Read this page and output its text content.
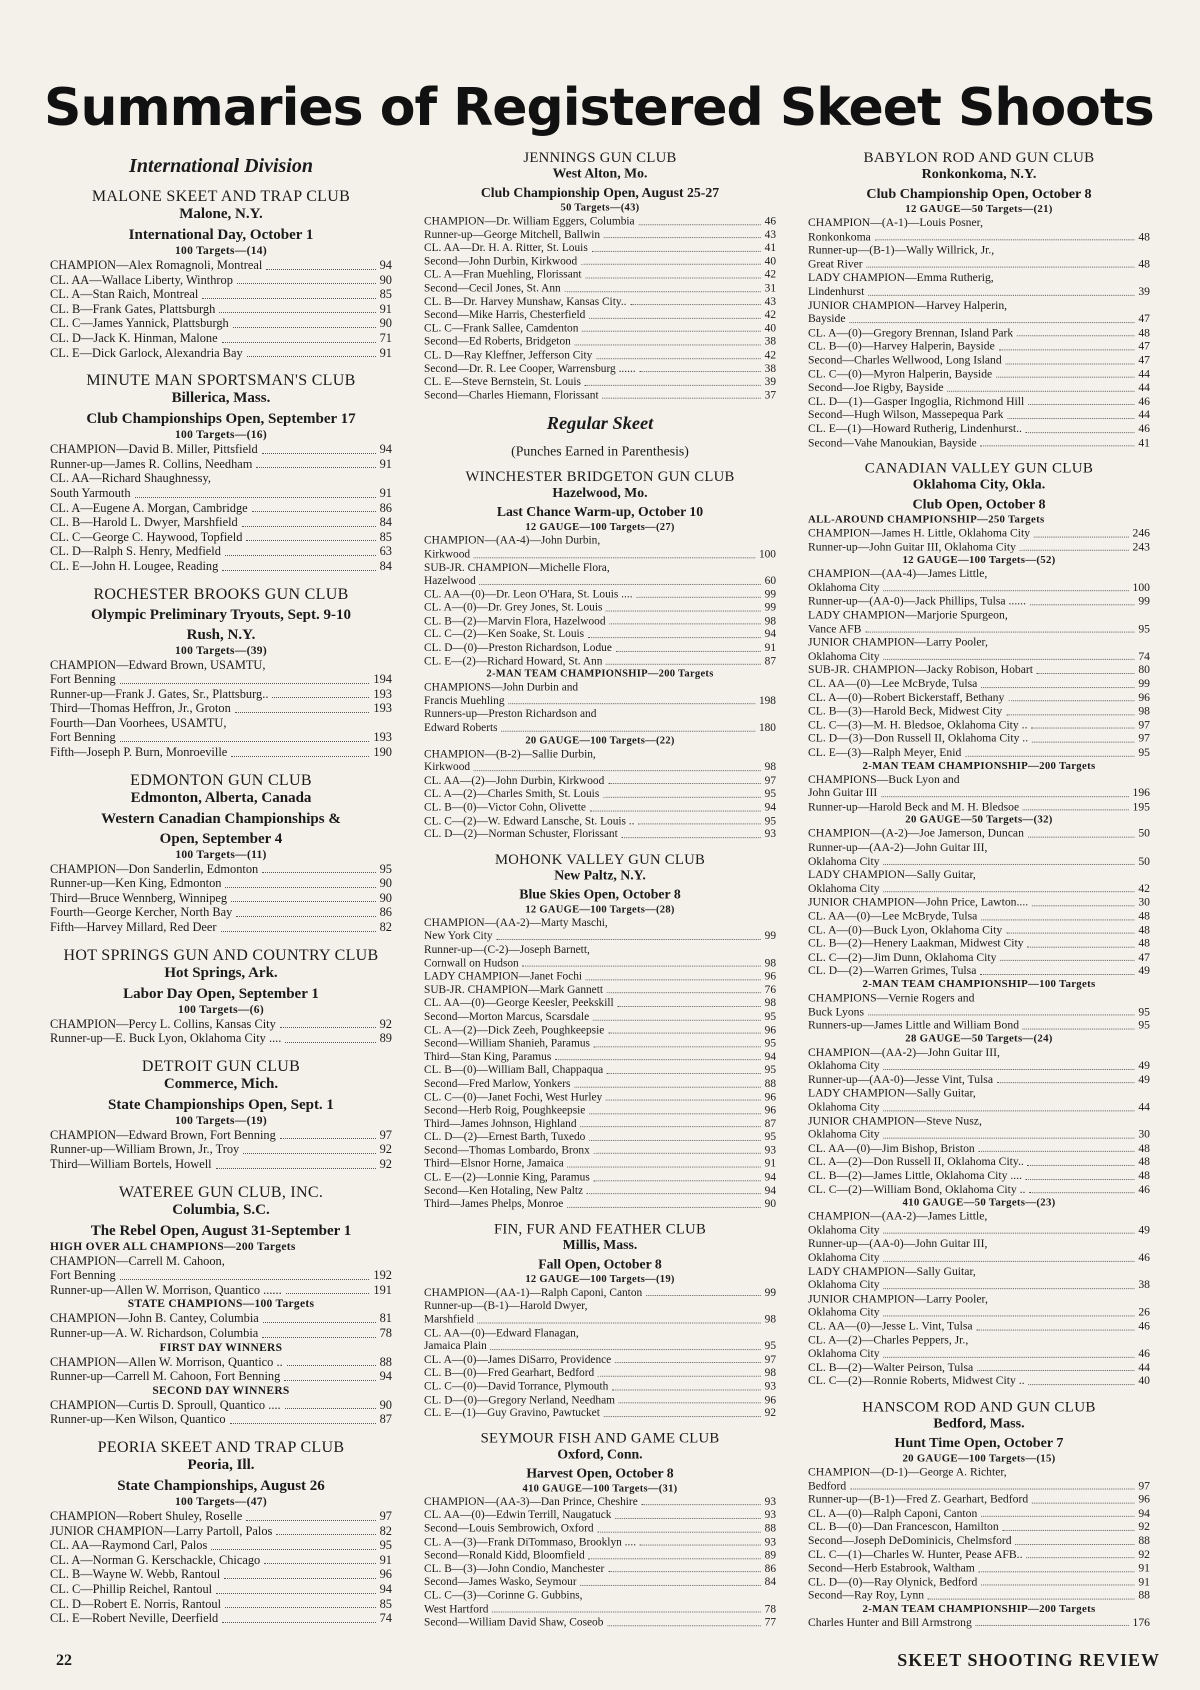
Summaries of Registered Skeet Shoots
International Division
MALONE SKEET AND TRAP CLUB
Malone, N.Y.
International Day, October 1
100 Targets—(14)
CHAMPION—Alex Romagnoli, Montreal	94
CL. AA—Wallace Liberty, Winthrop	90
CL. A—Stan Raich, Montreal	85
CL. B—Frank Gates, Plattsburgh	91
CL. C—James Yannick, Plattsburgh	90
CL. D—Jack K. Hinman, Malone	71
CL. E—Dick Garlock, Alexandria Bay	91
MINUTE MAN SPORTSMAN'S CLUB
Billerica, Mass.
Club Championships Open, September 17
100 Targets—(16)
CHAMPION—David B. Miller, Pittsfield	94
Runner-up—James R. Collins, Needham	91
CL. AA—Richard Shaughnessy,
South Yarmouth	91
CL. A—Eugene A. Morgan, Cambridge	86
CL. B—Harold L. Dwyer, Marshfield	84
CL. C—George C. Haywood, Topfield	85
CL. D—Ralph S. Henry, Medfield	63
CL. E—John H. Lougee, Reading	84
ROCHESTER BROOKS GUN CLUB
Olympic Preliminary Tryouts, Sept. 9-10
Rush, N.Y.
100 Targets—(39)
CHAMPION—Edward Brown, USAMTU,
Fort Benning	194
Runner-up—Frank J. Gates, Sr., Plattsburg..	193
Third—Thomas Heffron, Jr., Groton	193
Fourth—Dan Voorhees, USAMTU,
Fort Benning	193
Fifth—Joseph P. Burn, Monroeville	190
EDMONTON GUN CLUB
Edmonton, Alberta, Canada
Western Canadian Championships &
Open, September 4
100 Targets—(11)
CHAMPION—Don Sanderlin, Edmonton	95
Runner-up—Ken King, Edmonton	90
Third—Bruce Wennberg, Winnipeg	90
Fourth—George Kercher, North Bay	86
Fifth—Harvey Millard, Red Deer	82
HOT SPRINGS GUN AND COUNTRY CLUB
Hot Springs, Ark.
Labor Day Open, September 1
100 Targets—(6)
CHAMPION—Percy L. Collins, Kansas City	92
Runner-up—E. Buck Lyon, Oklahoma City ....	89
DETROIT GUN CLUB
Commerce, Mich.
State Championships Open, Sept. 1
100 Targets—(19)
CHAMPION—Edward Brown, Fort Benning	97
Runner-up—William Brown, Jr., Troy	92
Third—William Bortels, Howell	92
WATEREE GUN CLUB, INC.
Columbia, S.C.
The Rebel Open, August 31-September 1
HIGH OVER ALL CHAMPIONS—200 Targets
CHAMPION—Carrell M. Cahoon,
Fort Benning	192
Runner-up—Allen W. Morrison, Quantico ......	191
STATE CHAMPIONS—100 Targets
CHAMPION—John B. Cantey, Columbia	81
Runner-up—A. W. Richardson, Columbia	78
FIRST DAY WINNERS
CHAMPION—Allen W. Morrison, Quantico ..	88
Runner-up—Carrell M. Cahoon, Fort Benning	94
SECOND DAY WINNERS
CHAMPION—Curtis D. Sproull, Quantico ....	90
Runner-up—Ken Wilson, Quantico	87
PEORIA SKEET AND TRAP CLUB
Peoria, Ill.
State Championships, August 26
100 Targets—(47)
CHAMPION—Robert Shuley, Roselle	97
JUNIOR CHAMPION—Larry Partoll, Palos	82
CL. AA—Raymond Carl, Palos	95
CL. A—Norman G. Kerschackle, Chicago	91
CL. B—Wayne W. Webb, Rantoul	96
CL. C—Phillip Reichel, Rantoul	94
CL. D—Robert E. Norris, Rantoul	85
CL. E—Robert Neville, Deerfield	74
JENNINGS GUN CLUB
West Alton, Mo.
Club Championship Open, August 25-27
50 Targets—(43)
CHAMPION—Dr. William Eggers, Columbia	46
Runner-up—George Mitchell, Ballwin	43
CL. AA—Dr. H. A. Ritter, St. Louis	41
Second—John Durbin, Kirkwood	40
CL. A—Fran Muehling, Florissant	42
Second—Cecil Jones, St. Ann	31
CL. B—Dr. Harvey Munshaw, Kansas City..	43
Second—Mike Harris, Chesterfield	42
CL. C—Frank Sallee, Camdenton	40
Second—Ed Roberts, Bridgeton	38
CL. D—Ray Kleffner, Jefferson City	42
Second—Dr. R. Lee Cooper, Warrensburg ......	38
CL. E—Steve Bernstein, St. Louis	39
Second—Charles Hiemann, Florissant	37
Regular Skeet
(Punches Earned in Parenthesis)
WINCHESTER BRIDGETON GUN CLUB
Hazelwood, Mo.
Last Chance Warm-up, October 10
12 GAUGE—100 Targets—(27)
CHAMPION—(AA-4)—John Durbin,
Kirkwood	100
SUB-JR. CHAMPION—Michelle Flora,
Hazelwood	60
CL. AA—(0)—Dr. Leon O'Hara, St. Louis ....	99
CL. A—(0)—Dr. Grey Jones, St. Louis	99
CL. B—(2)—Marvin Flora, Hazelwood	98
CL. C—(2)—Ken Soake, St. Louis	94
CL. D—(0)—Preston Richardson, Lodue	91
CL. E—(2)—Richard Howard, St. Ann	87
2-MAN TEAM CHAMPIONSHIP—200 Targets
CHAMPIONS—John Durbin and
Francis Muehling	198
Runners-up—Preston Richardson and
Edward Roberts	180
20 GAUGE—100 Targets—(22)
CHAMPION—(B-2)—Sallie Durbin,
Kirkwood	98
CL. AA—(2)—John Durbin, Kirkwood	97
CL. A—(2)—Charles Smith, St. Louis	95
CL. B—(0)—Victor Cohn, Olivette	94
CL. C—(2)—W. Edward Lansche, St. Louis ..	95
CL. D—(2)—Norman Schuster, Florissant	93
MOHONK VALLEY GUN CLUB
New Paltz, N.Y.
Blue Skies Open, October 8
12 GAUGE—100 Targets—(28)
CHAMPION—(AA-2)—Marty Maschi,
New York City	99
Runner-up—(C-2)—Joseph Barnett,
Cornwall on Hudson	98
LADY CHAMPION—Janet Fochi	96
SUB-JR. CHAMPION—Mark Gannett	76
CL. AA—(0)—George Keesler, Peekskill	98
Second—Morton Marcus, Scarsdale	95
CL. A—(2)—Dick Zeeh, Poughkeepsie	96
Second—William Shanieh, Paramus	95
Third—Stan King, Paramus	94
CL. B—(0)—William Ball, Chappaqua	95
Second—Fred Marlow, Yonkers	88
CL. C—(0)—Janet Fochi, West Hurley	96
Second—Herb Roig, Poughkeepsie	96
Third—James Johnson, Highland	87
CL. D—(2)—Ernest Barth, Tuxedo	95
Second—Thomas Lombardo, Bronx	93
Third—Elsnor Horne, Jamaica	91
CL. E—(2)—Lonnie King, Paramus	94
Second—Ken Hotaling, New Paltz	94
Third—James Phelps, Monroe	90
FIN, FUR AND FEATHER CLUB
Millis, Mass.
Fall Open, October 8
12 GAUGE—100 Targets—(19)
CHAMPION—(AA-1)—Ralph Caponi, Canton	99
Runner-up—(B-1)—Harold Dwyer,
Marshfield	98
CL. AA—(0)—Edward Flanagan,
Jamaica Plain	95
CL. A—(0)—James DiSarro, Providence	97
CL. B—(0)—Fred Gearhart, Bedford	98
CL. C—(0)—David Torrance, Plymouth	93
CL. D—(0)—Gregory Nerland, Needham	96
CL. E—(1)—Guy Gravino, Pawtucket	92
SEYMOUR FISH AND GAME CLUB
Oxford, Conn.
Harvest Open, October 8
410 GAUGE—100 Targets—(31)
CHAMPION—(AA-3)—Dan Prince, Cheshire	93
CL. AA—(0)—Edwin Terrill, Naugatuck	93
Second—Louis Sembrowich, Oxford	88
CL. A—(3)—Frank DiTommaso, Brooklyn ....	93
Second—Ronald Kidd, Bloomfield	89
CL. B—(3)—John Condio, Manchester	86
Second—James Wasko, Seymour	84
CL. C—(3)—Corinne G. Gubbins,
West Hartford	78
Second—William David Shaw, Coseob	77
BABYLON ROD AND GUN CLUB
Ronkonkoma, N.Y.
Club Championship Open, October 8
12 GAUGE—50 Targets—(21)
CHAMPION—(A-1)—Louis Posner,
Ronkonkoma	48
Runner-up—(B-1)—Wally Willrick, Jr.,
Great River	48
LADY CHAMPION—Emma Rutherig,
Lindenhurst	39
JUNIOR CHAMPION—Harvey Halperin,
Bayside	47
CL. A—(0)—Gregory Brennan, Island Park	48
CL. B—(0)—Harvey Halperin, Bayside	47
Second—Charles Wellwood, Long Island	47
CL. C—(0)—Myron Halperin, Bayside	44
Second—Joe Rigby, Bayside	44
CL. D—(1)—Gasper Ingoglia, Richmond Hill	46
Second—Hugh Wilson, Massepequa Park	44
CL. E—(1)—Howard Rutherig, Lindenhurst..	46
Second—Vahe Manoukian, Bayside	41
CANADIAN VALLEY GUN CLUB
Oklahoma City, Okla.
Club Open, October 8
ALL-AROUND CHAMPIONSHIP—250 Targets
CHAMPION—James H. Little, Oklahoma City	246
Runner-up—John Guitar III, Oklahoma City	243
12 GAUGE—100 Targets—(52)
CHAMPION—(AA-4)—James Little,
Oklahoma City	100
Runner-up—(AA-0)—Jack Phillips, Tulsa ......	99
LADY CHAMPION—Marjorie Spurgeon,
Vance AFB	95
JUNIOR CHAMPION—Larry Pooler,
Oklahoma City	74
SUB-JR. CHAMPION—Jacky Robison, Hobart	80
CL. AA—(0)—Lee McBryde, Tulsa	99
CL. A—(0)—Robert Bickerstaff, Bethany	96
CL. B—(3)—Harold Beck, Midwest City	98
CL. C—(3)—M. H. Bledsoe, Oklahoma City ..	97
CL. D—(3)—Don Russell II, Oklahoma City ..	97
CL. E—(3)—Ralph Meyer, Enid	95
2-MAN TEAM CHAMPIONSHIP—200 Targets
CHAMPIONS—Buck Lyon and
John Guitar III	196
Runner-up—Harold Beck and M. H. Bledsoe	195
20 GAUGE—50 Targets—(32)
CHAMPION—(A-2)—Joe Jamerson, Duncan	50
Runner-up—(AA-2)—John Guitar III,
Oklahoma City	50
LADY CHAMPION—Sally Guitar,
Oklahoma City	42
JUNIOR CHAMPION—John Price, Lawton....	30
CL. AA—(0)—Lee McBryde, Tulsa	48
CL. A—(0)—Buck Lyon, Oklahoma City	48
CL. B—(2)—Henery Laakman, Midwest City	48
CL. C—(2)—Jim Dunn, Oklahoma City	47
CL. D—(2)—Warren Grimes, Tulsa	49
2-MAN TEAM CHAMPIONSHIP—100 Targets
CHAMPIONS—Vernie Rogers and
Buck Lyons	95
Runners-up—James Little and William Bond	95
28 GAUGE—50 Targets—(24)
CHAMPION—(AA-2)—John Guitar III,
Oklahoma City	49
Runner-up—(AA-0)—Jesse Vint, Tulsa	49
LADY CHAMPION—Sally Guitar,
Oklahoma City	44
JUNIOR CHAMPION—Steve Nusz,
Oklahoma City	30
CL. AA—(0)—Jim Bishop, Briston	48
CL. A—(2)—Don Russell II, Oklahoma City..	48
CL. B—(2)—James Little, Oklahoma City ....	48
CL. C—(2)—William Bond, Oklahoma City ..	46
410 GAUGE—50 Targets—(23)
CHAMPION—(AA-2)—James Little,
Oklahoma City	49
Runner-up—(AA-0)—John Guitar III,
Oklahoma City	46
LADY CHAMPION—Sally Guitar,
Oklahoma City	38
JUNIOR CHAMPION—Larry Pooler,
Oklahoma City	26
CL. AA—(0)—Jesse L. Vint, Tulsa	46
CL. A—(2)—Charles Peppers, Jr.,
Oklahoma City	46
CL. B—(2)—Walter Peirson, Tulsa	44
CL. C—(2)—Ronnie Roberts, Midwest City ..	40
HANSCOM ROD AND GUN CLUB
Bedford, Mass.
Hunt Time Open, October 7
20 GAUGE—100 Targets—(15)
CHAMPION—(D-1)—George A. Richter,
Bedford	97
Runner-up—(B-1)—Fred Z. Gearhart, Bedford	96
CL. A—(0)—Ralph Caponi, Canton	94
CL. B—(0)—Dan Francescon, Hamilton	92
Second—Joseph DeDominicis, Chelmsford	88
CL. C—(1)—Charles W. Hunter, Pease AFB..	92
Second—Herb Estabrook, Waltham	91
CL. D—(0)—Ray Olynick, Bedford	91
Second—Ray Roy, Lynn	88
2-MAN TEAM CHAMPIONSHIP—200 Targets
Charles Hunter and Bill Armstrong	176
22	SKEET SHOOTING REVIEW
